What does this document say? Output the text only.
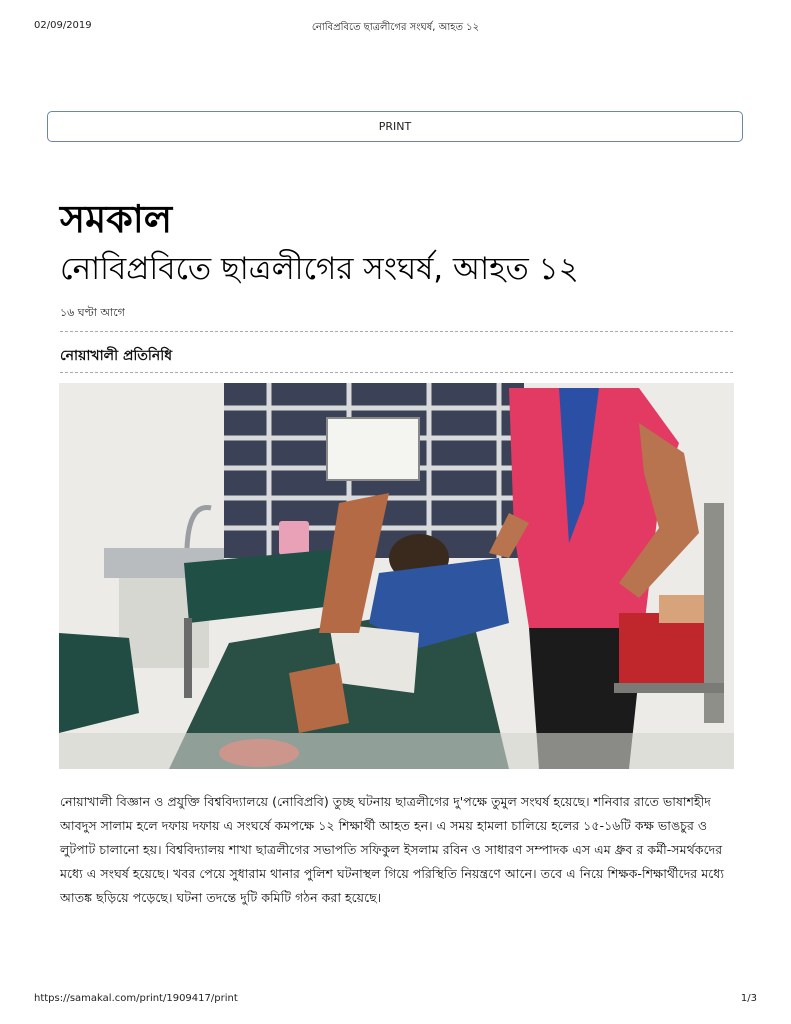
02/09/2019	নোবিপ্রবিতে ছাত্রলীগের সংঘর্ষ, আহত ১২
PRINT
সমকাল
নোবিপ্রবিতে ছাত্রলীগের সংঘর্ষ, আহত ১২
১৬ ঘণ্টা আগে
নোয়াখালী প্রতিনিধি

নোয়াখালী বিজ্ঞান ও প্রযুক্তি বিশ্ববিদ্যালয়ে (নোবিপ্রবি) তুচ্ছ ঘটনায় ছাত্রলীগের দু'পক্ষে তুমুল সংঘর্ষ হয়েছে। শনিবার রাতে ভাষাশহীদ আবদুস সালাম হলে দফায় দফায় এ সংঘর্ষে কমপক্ষে ১২ শিক্ষার্থী আহত হন। এ সময় হামলা চালিয়ে হলের ১৫-১৬টি কক্ষ ভাঙচুর ও লুটপাট চালানো হয়। বিশ্ববিদ্যালয় শাখা ছাত্রলীগের সভাপতি সফিকুল ইসলাম রবিন ও সাধারণ সম্পাদক এস এম ধ্রুব র কর্মী-সমর্থকদের মধ্যে এ সংঘর্ষ হয়েছে। খবর পেয়ে সুধারাম থানার পুলিশ ঘটনাস্থল গিয়ে পরিস্থিতি নিয়ন্ত্রণে আনে। তবে এ নিয়ে শিক্ষক-শিক্ষার্থীদের মধ্যে আতঙ্ক ছড়িয়ে পড়েছে। ঘটনা তদন্তে দুটি কমিটি গঠন করা হয়েছে।

https://samakal.com/print/1909417/print	1/3
